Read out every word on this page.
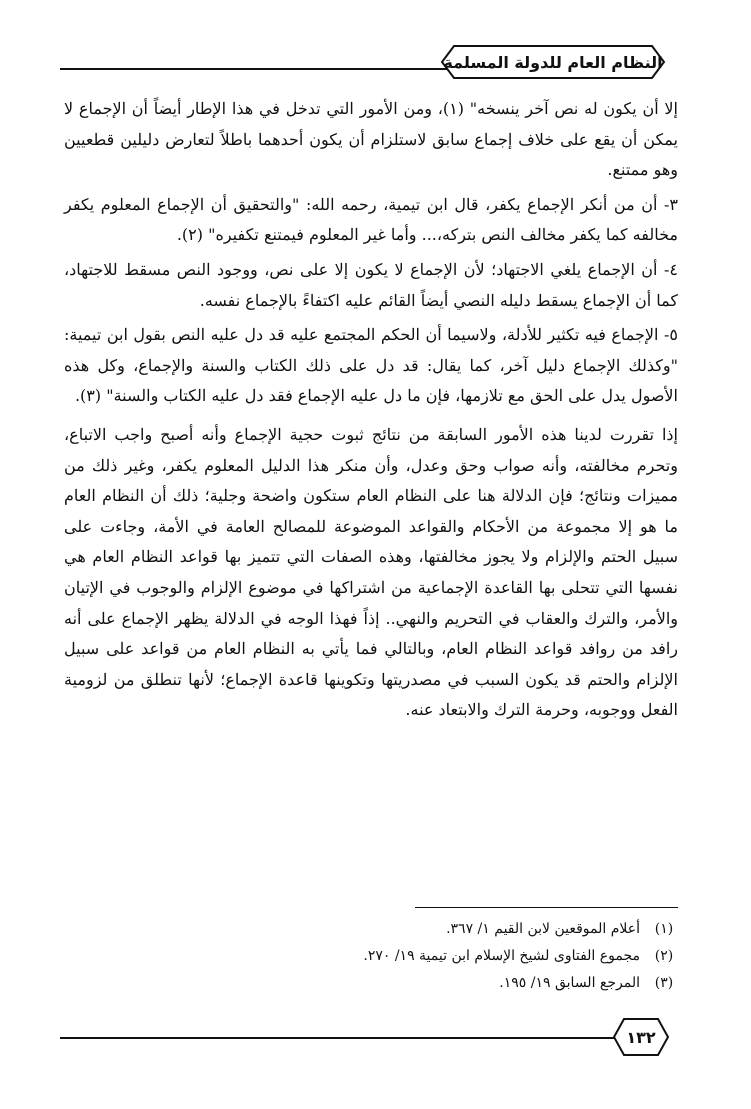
النظام العام للدولة المسلمة

إلا أن يكون له نص آخر ينسخه" (١)، ومن الأمور التي تدخل في هذا الإطار أيضاً أن الإجماع لا يمكن أن يقع على خلاف إجماع سابق لاستلزام أن يكون أحدهما باطلاً لتعارض دليلين قطعيين وهو ممتنع.

٣- أن من أنكر الإجماع يكفر، قال ابن تيمية، رحمه الله: "والتحقيق أن الإجماع المعلوم يكفر مخالفه كما يكفر مخالف النص بتركه،... وأما غير المعلوم فيمتنع تكفيره" (٢).

٤- أن الإجماع يلغي الاجتهاد؛ لأن الإجماع لا يكون إلا على نص، ووجود النص مسقط للاجتهاد، كما أن الإجماع يسقط دليله النصي أيضاً القائم عليه اكتفاءً بالإجماع نفسه.

٥- الإجماع فيه تكثير للأدلة، ولاسيما أن الحكم المجتمع عليه قد دل عليه النص بقول ابن تيمية: "وكذلك الإجماع دليل آخر، كما يقال: قد دل على ذلك الكتاب والسنة والإجماع، وكل هذه الأصول يدل على الحق مع تلازمها، فإن ما دل عليه الإجماع فقد دل عليه الكتاب والسنة" (٣).

إذا تقررت لدينا هذه الأمور السابقة من نتائج ثبوت حجية الإجماع وأنه أصبح واجب الاتباع، وتحرم مخالفته، وأنه صواب وحق وعدل، وأن منكر هذا الدليل المعلوم يكفر، وغير ذلك من مميزات ونتائج؛ فإن الدلالة هنا على النظام العام ستكون واضحة وجلية؛ ذلك أن النظام العام ما هو إلا مجموعة من الأحكام والقواعد الموضوعة للمصالح العامة في الأمة، وجاءت على سبيل الحتم والإلزام ولا يجوز مخالفتها، وهذه الصفات التي تتميز بها قواعد النظام العام هي نفسها التي تتحلى بها القاعدة الإجماعية من اشتراكها في موضوع الإلزام والوجوب في الإتيان والأمر، والترك والعقاب في التحريم والنهي.. إذاً فهذا الوجه في الدلالة يظهر الإجماع على أنه رافد من روافد قواعد النظام العام، وبالتالي فما يأتي به النظام العام من قواعد على سبيل الإلزام والحتم قد يكون السبب في مصدريتها وتكوينها قاعدة الإجماع؛ لأنها تنطلق من لزومية الفعل ووجوبه، وحرمة الترك والابتعاد عنه.

(١)
أعلام الموقعين لابن القيم ١/ ٣٦٧.
(٢)
مجموع الفتاوى لشيخ الإسلام ابن تيمية ١٩/ ٢٧٠.
(٣)
المرجع السابق ١٩/ ١٩٥.
١٣٢
